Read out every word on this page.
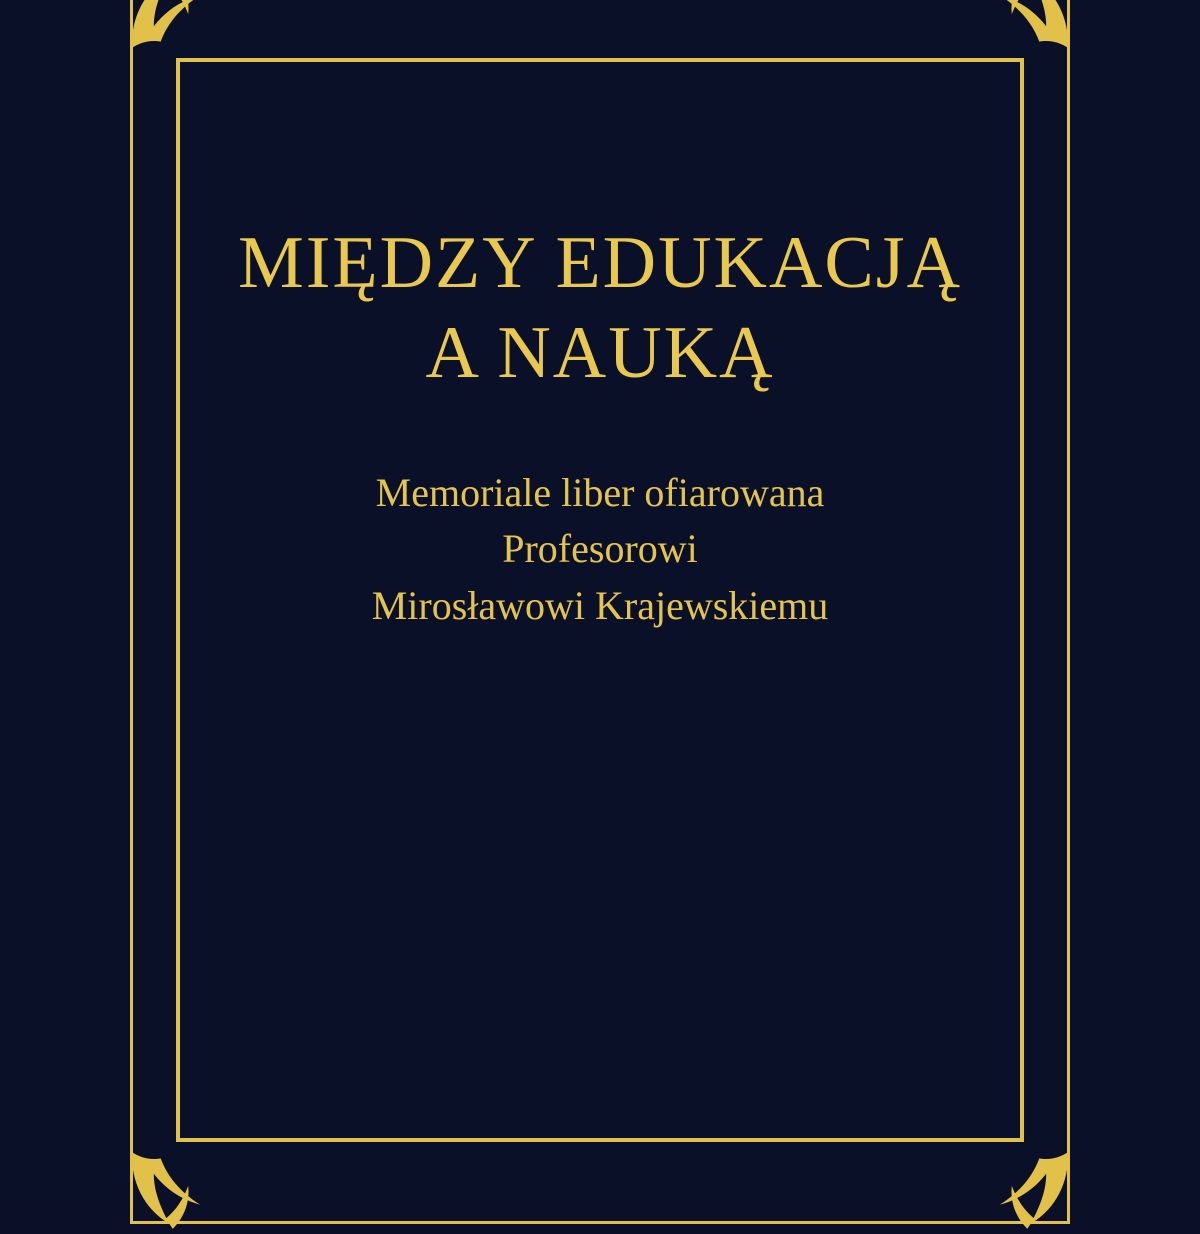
MIĘDZY EDUKACJĄ
A NAUKĄ
Memoriale liber ofiarowana
Profesorowi
Mirosławowi Krajewskiemu
